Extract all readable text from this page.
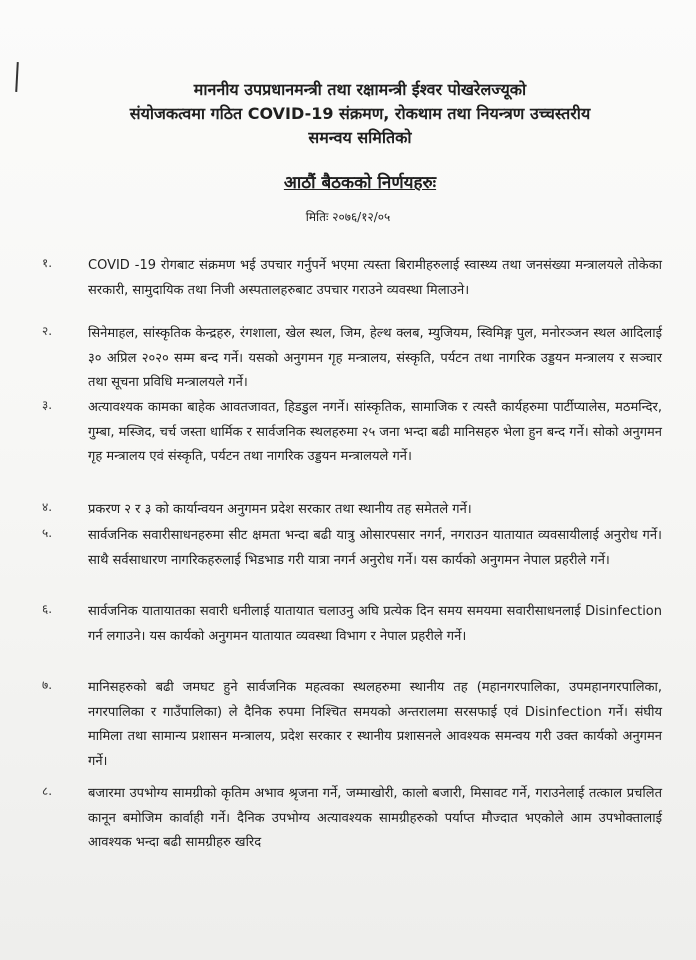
माननीय उपप्रधानमन्त्री तथा रक्षामन्त्री ईश्वर पोखरेलज्यूको
संयोजकत्वमा गठित COVID-19 संक्रमण, रोकथाम तथा नियन्त्रण उच्चस्तरीय
समन्वय समितिको
आठौं बैठकको निर्णयहरुः
मितिः २०७६/१२/०५
१.	COVID -19 रोगबाट संक्रमण भई उपचार गर्नुपर्ने भएमा त्यस्ता बिरामीहरुलाई स्वास्थ्य तथा जनसंख्या मन्त्रालयले तोकेका सरकारी, सामुदायिक तथा निजी अस्पतालहरुबाट उपचार गराउने व्यवस्था मिलाउने।
२.	सिनेमाहल, सांस्कृतिक केन्द्रहरु, रंगशाला, खेल स्थल, जिम, हेल्थ क्लब, म्युजियम, स्विमिङ्ग पुल, मनोरञ्जन स्थल आदिलाई ३० अप्रिल २०२० सम्म बन्द गर्ने। यसको अनुगमन गृह मन्त्रालय, संस्कृति, पर्यटन तथा नागरिक उड्डयन मन्त्रालय र सञ्चार तथा सूचना प्रविधि मन्त्रालयले गर्ने।
३.	अत्यावश्यक कामका बाहेक आवतजावत, हिडडुल नगर्ने। सांस्कृतिक, सामाजिक र त्यस्तै कार्यहरुमा पार्टीप्यालेस, मठमन्दिर, गुम्बा, मस्जिद, चर्च जस्ता धार्मिक र सार्वजनिक स्थलहरुमा २५ जना भन्दा बढी मानिसहरु भेला हुन बन्द गर्ने। सोको अनुगमन गृह मन्त्रालय एवं संस्कृति, पर्यटन तथा नागरिक उड्डयन मन्त्रालयले गर्ने।
४.	प्रकरण २ र ३ को कार्यान्वयन अनुगमन प्रदेश सरकार तथा स्थानीय तह समेतले गर्ने।
५.	सार्वजनिक सवारीसाधनहरुमा सीट क्षमता भन्दा बढी यात्रु ओसारपसार नगर्न, नगराउन यातायात व्यवसायीलाई अनुरोध गर्ने। साथै सर्वसाधारण नागरिकहरुलाई भिडभाड गरी यात्रा नगर्न अनुरोध गर्ने। यस कार्यको अनुगमन नेपाल प्रहरीले गर्ने।
६.	सार्वजनिक यातायातका सवारी धनीलाई यातायात चलाउनु अघि प्रत्येक दिन समय समयमा सवारीसाधनलाई Disinfection गर्न लगाउने। यस कार्यको अनुगमन यातायात व्यवस्था विभाग र नेपाल प्रहरीले गर्ने।
७.	मानिसहरुको बढी जमघट हुने सार्वजनिक महत्वका स्थलहरुमा स्थानीय तह (महानगरपालिका, उपमहानगरपालिका, नगरपालिका र गाउँपालिका) ले दैनिक रुपमा निश्चित समयको अन्तरालमा सरसफाई एवं Disinfection गर्ने। संघीय मामिला तथा सामान्य प्रशासन मन्त्रालय, प्रदेश सरकार र स्थानीय प्रशासनले आवश्यक समन्वय गरी उक्त कार्यको अनुगमन गर्ने।
८.	बजारमा उपभोग्य सामग्रीको कृतिम अभाव श्रृजना गर्ने, जम्माखोरी, कालो बजारी, मिसावट गर्ने, गराउनेलाई तत्काल प्रचलित कानून बमोजिम कार्वाही गर्ने। दैनिक उपभोग्य अत्यावश्यक सामग्रीहरुको पर्याप्त मौज्दात भएकोले आम उपभोक्तालाई आवश्यक भन्दा बढी सामग्रीहरु खरिद
